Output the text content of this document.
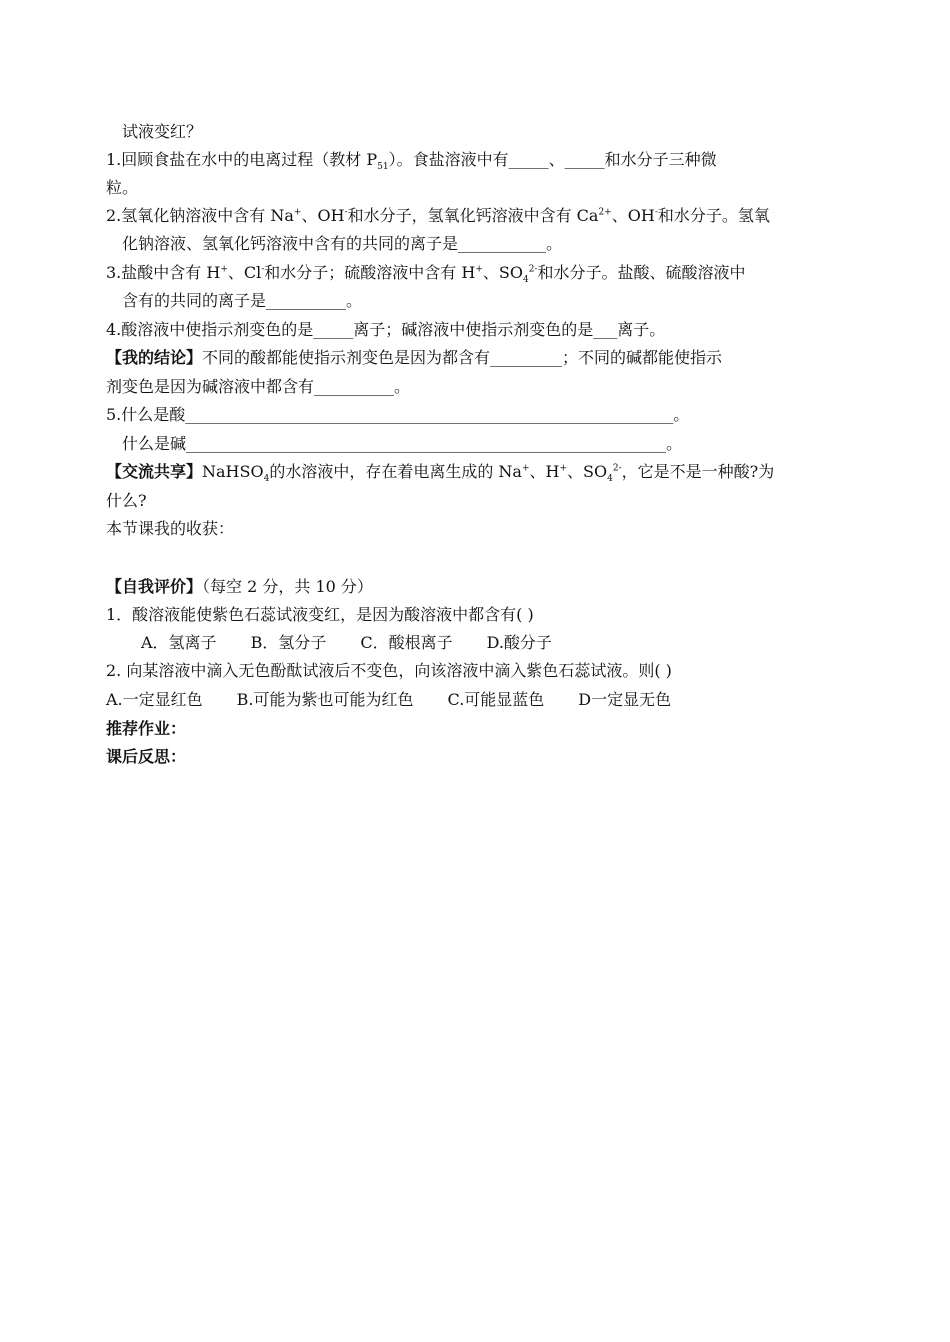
试液变红？
1.回顾食盐在水中的电离过程（教材 $P_{51}$）。食盐溶液中有_____、_____和水分子三种微
粒。
2.氢氧化钠溶液中含有 Na+、OH-和水分子，氢氧化钙溶液中含有 $Ca^{2+}$、OH-和水分子。氢氧
化钠溶液、氢氧化钙溶液中含有的共同的离子是___________。
3.盐酸中含有 H+、Cl-和水分子；硫酸溶液中含有 H+、$SO_4^{2-}$和水分子。盐酸、硫酸溶液中
含有的共同的离子是__________。
4.酸溶液中使指示剂变色的是_____离子；碱溶液中使指示剂变色的是___离子。
【我的结论】不同的酸都能使指示剂变色是因为都含有_________；不同的碱都能使指示
剂变色是因为碱溶液中都含有__________。
5.什么是酸_____________________________________________________________。
什么是碱____________________________________________________________。
【交流共享】NaHSO$_4$的水溶液中，存在着电离生成的 Na+、H+、$SO_4^{2-}$，它是不是一种酸?为
什么?
本节课我的收获：
【自我评价】（每空 2 分，共 10 分）
1．酸溶液能使紫色石蕊试液变红，是因为酸溶液中都含有( )
A．氢离子 B．氢分子 C．酸根离子 D.酸分子
2. 向某溶液中滴入无色酚酞试液后不变色，向该溶液中滴入紫色石蕊试液。则( )
A.一定显红色 B.可能为紫也可能为红色 C.可能显蓝色 D一定显无色
推荐作业：
课后反思：
